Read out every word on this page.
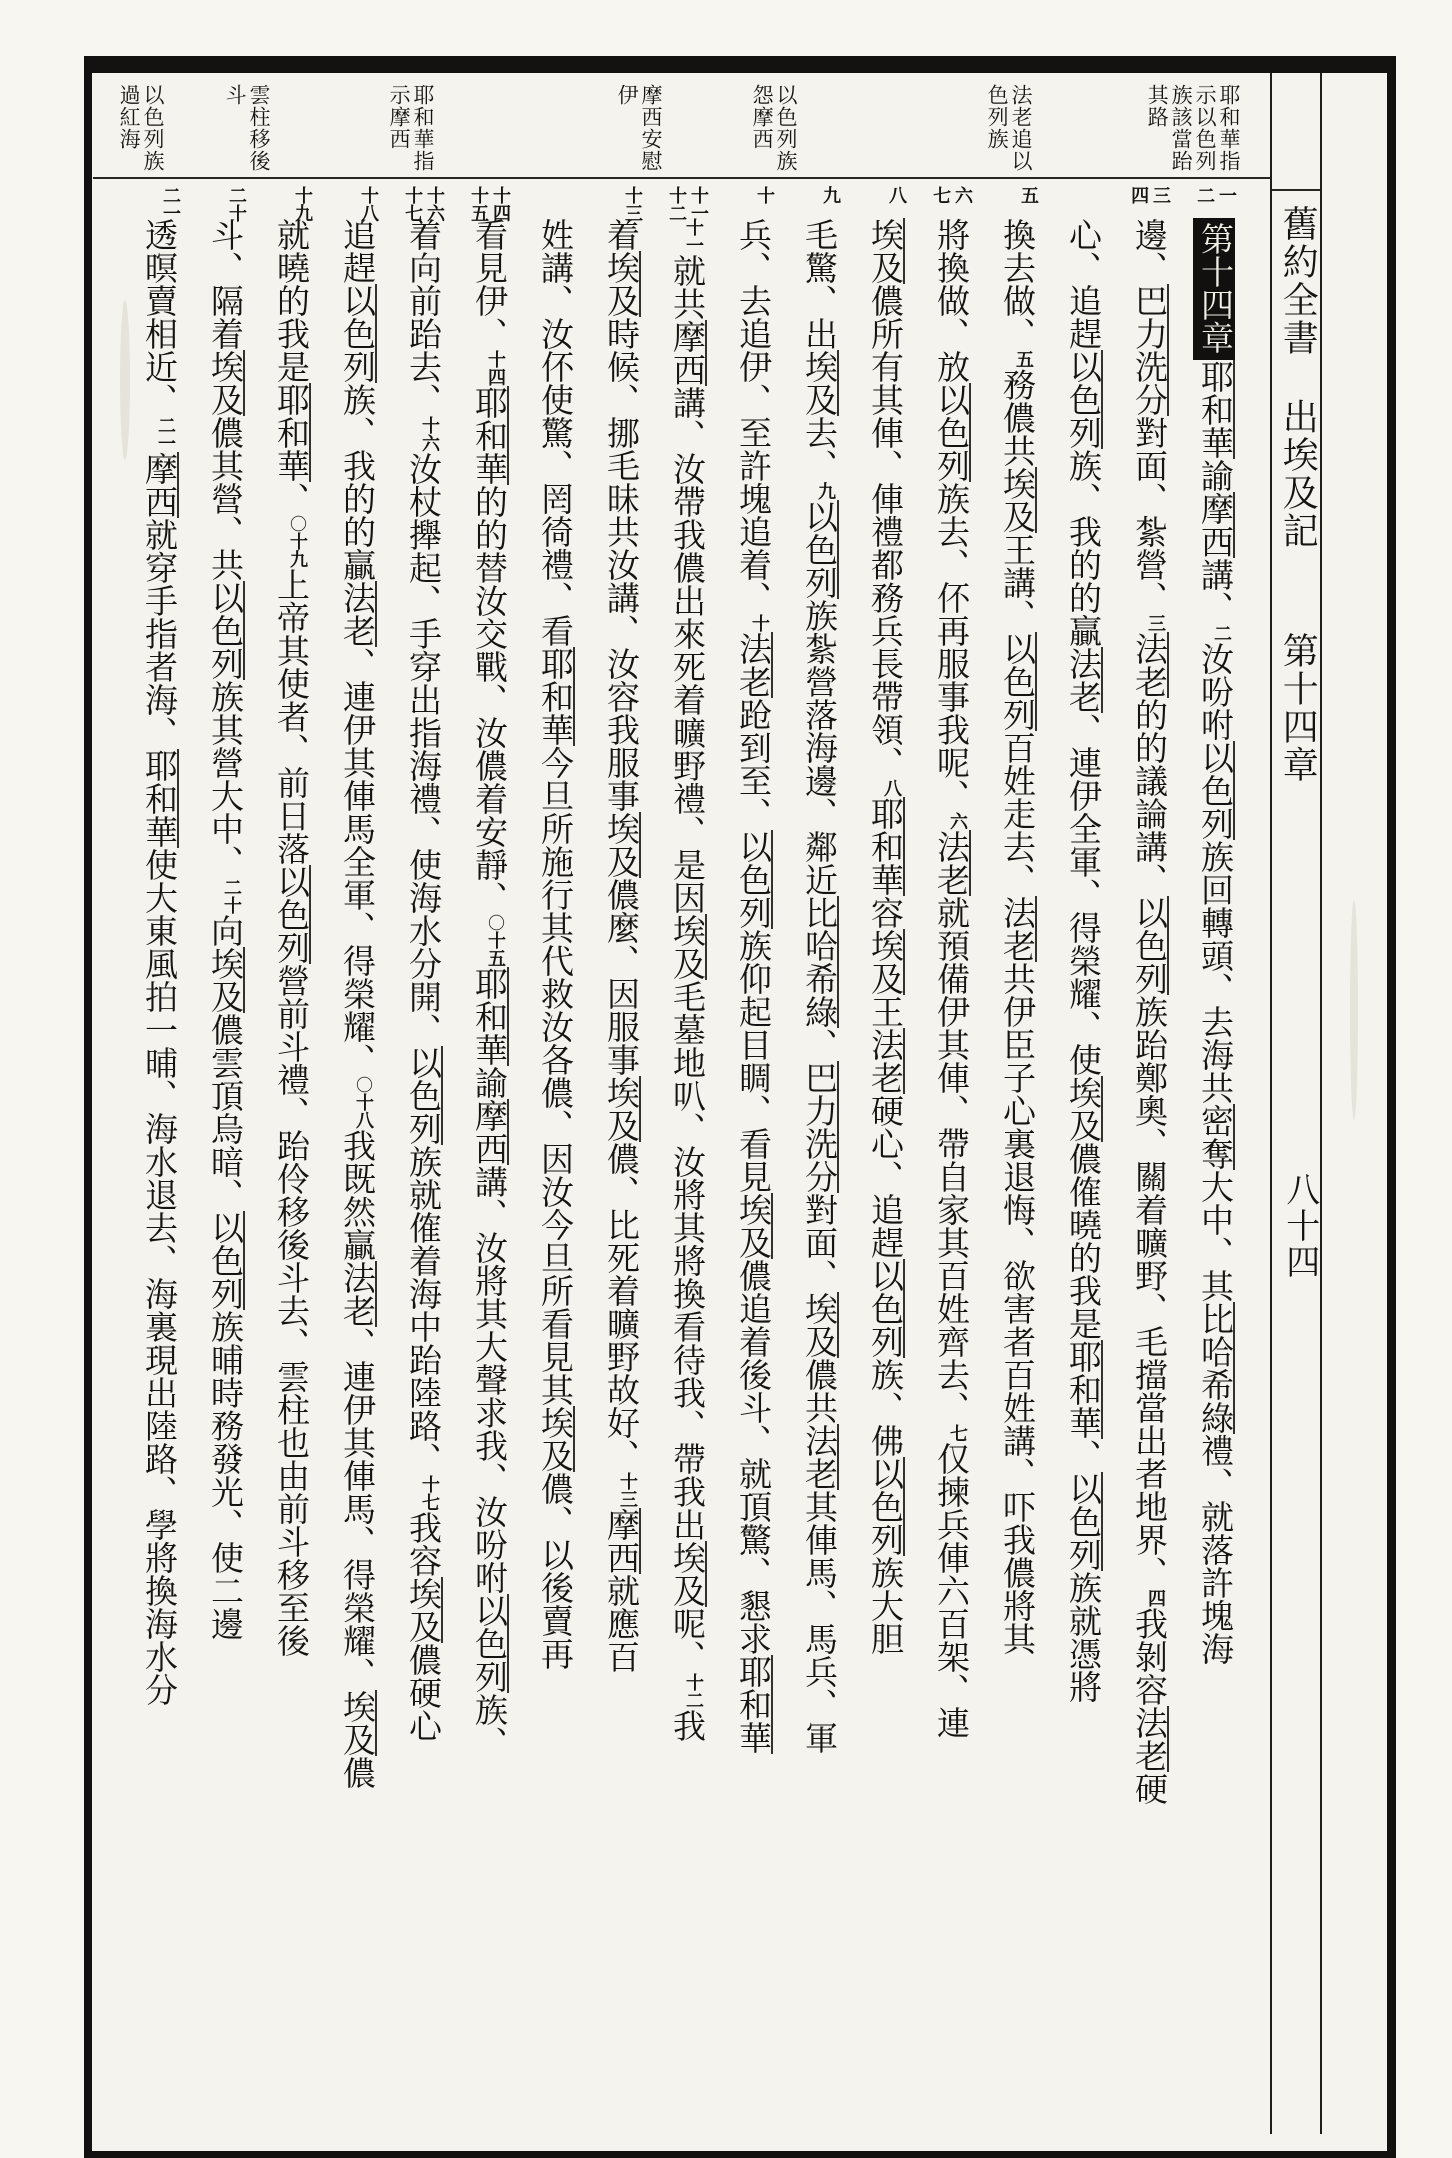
耶和華指示以色列族該當跆其路
法老追以色列族
以色列族怨摩西
摩西安慰伊
耶和華指示摩西
雲柱移後斗
以色列族過紅海
一
二
三
四
五
六
七
八
九
十
十一
十二
十三
十四
十五
十六
十七
十八
十九
二十
二一
第十四章耶和華諭摩西講、二汝吩咐以色列族回轉頭、去海共密奪大中、其比哈希綠禮、就落許塊海
邊、巴力洗分對面、紮營、三法老的的議論講、以色列族跆鄭奧、關着曠野、毛擋當出者地界、四我剝容法老硬
心、追趕以色列族、我的的贏法老、連伊全軍、得榮耀、使埃及儂傕曉的我是耶和華、以色列族就憑將
換去做、五務儂共埃及王講、以色列百姓走去、法老共伊臣子心裏退悔、欲害者百姓講、吓我儂將其
將換做、放以色列族去、伓再服事我呢、六法老就預備伊其俥、帶自家其百姓齊去、七仅揀兵俥六百架、連
埃及儂所有其俥、俥禮都務兵長帶領、八耶和華容埃及王法老硬心、追趕以色列族、佛以色列族大胆
毛驚、出埃及去、九以色列族紮營落海邊、鄰近比哈希綠、巴力洗分對面、埃及儂共法老其俥馬、馬兵、軍
兵、去追伊、至許塊追着、十法老跄到至、以色列族仰起目睭、看見埃及儂追着後斗、就頂驚、懇求耶和華
十一就共摩西講、汝帶我儂出來死着曠野禮、是因埃及毛墓地叭、汝將其將換看待我、帶我出埃及呢、十二我
着埃及時候、挪毛昧共汝講、汝容我服事埃及儂麼、因服事埃及儂、比死着曠野故好、十三摩西就應百
姓講、汝伓使驚、罔徛禮、看耶和華今旦所施行其代救汝各儂、因汝今旦所看見其埃及儂、以後賣再
看見伊、十四耶和華的的替汝交戰、汝儂着安靜、〇十五耶和華諭摩西講、汝將其大聲求我、汝吩咐以色列族、
着向前跆去、十六汝杖攑起、手穿出指海禮、使海水分開、以色列族就傕着海中跆陸路、十七我容埃及儂硬心
追趕以色列族、我的的贏法老、連伊其俥馬全軍、得榮耀、〇十八我既然贏法老、連伊其俥馬、得榮耀、埃及儂
就曉的我是耶和華、〇十九上帝其使者、前日落以色列營前斗禮、跆伶移後斗去、雲柱也由前斗移至後
斗、隔着埃及儂其營、共以色列族其營大中、二十向埃及儂雲頂烏暗、以色列族晡時務發光、使二邊
透暝賣相近、二一摩西就穿手指者海、耶和華使大東風拍一晡、海水退去、海裏現出陸路、學將換海水分
舊約全書
出埃及記
第十四章
八十四
